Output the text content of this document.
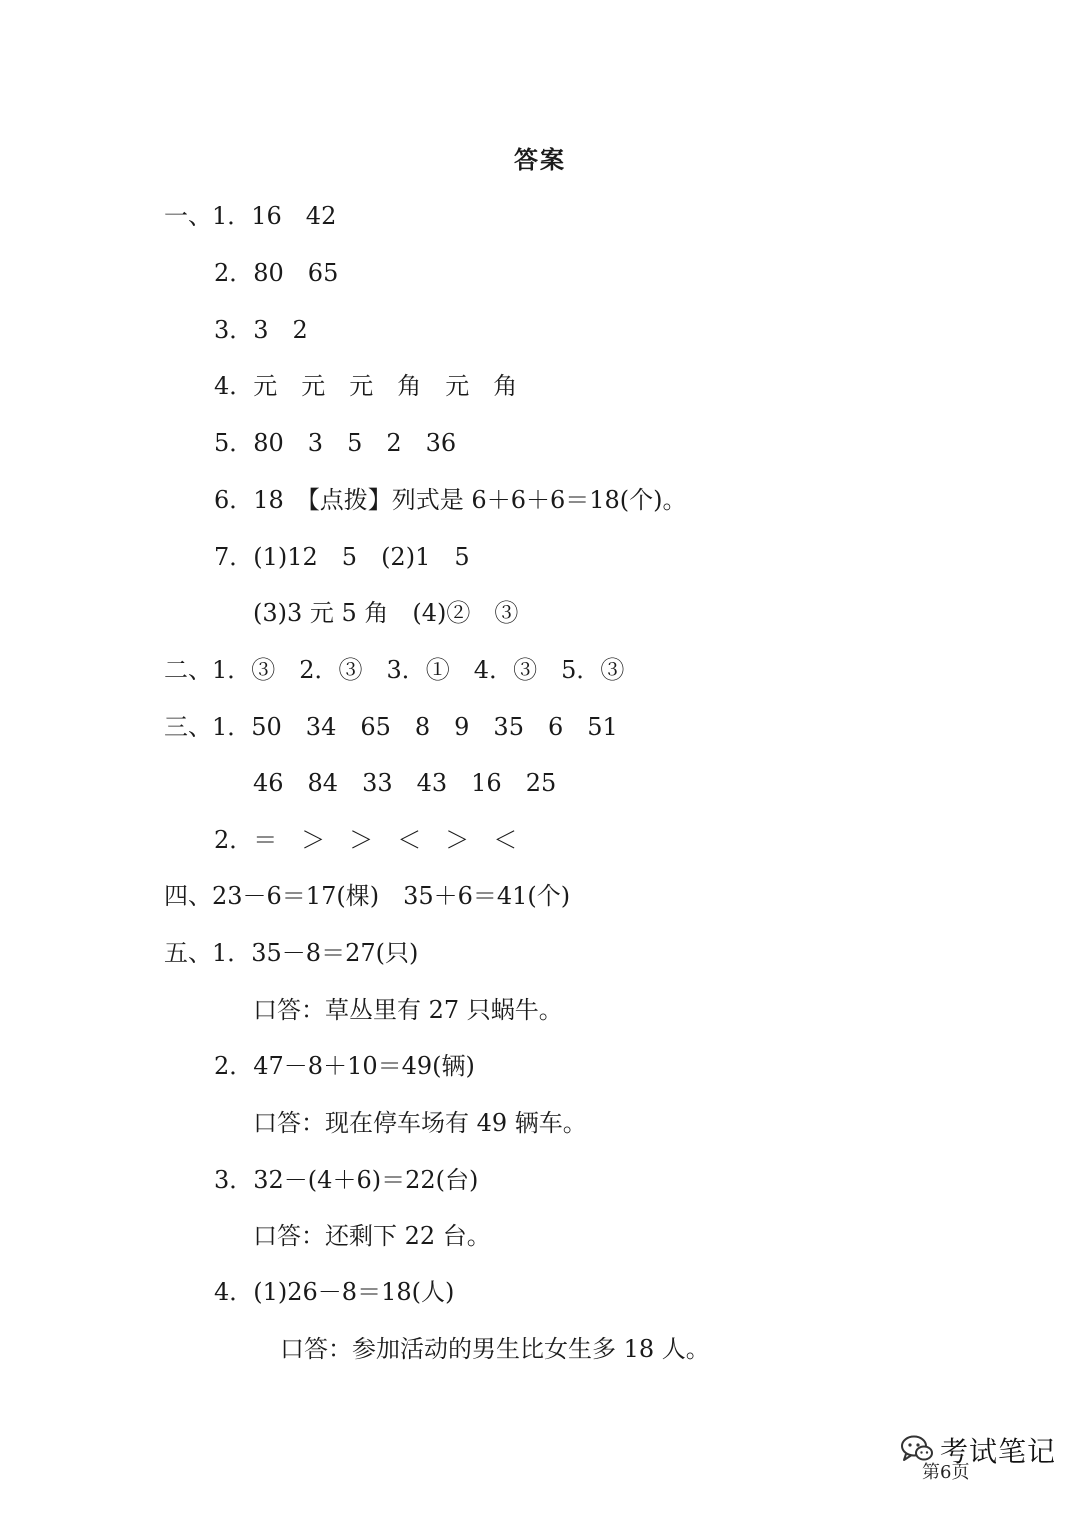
答案
一、1．16　42
2．80　65
3．3　2
4．元　元　元　角　元　角
5．80　3　5　2　36
6．18　【点拨】列式是 6＋6＋6＝18(个)。
7．(1)12　5　(2)1　5
(3)3 元 5 角　(4)②　③
二、1．③　2．③　3．①　4．③　5．③
三、1．50　34　65　8　9　35　6　51
46　84　33　43　16　25
2．＝　＞　＞　＜　＞　＜
四、23－6＝17(棵)　35＋6＝41(个)
五、1．35－8＝27(只)
口答：草丛里有 27 只蜗牛。
2．47－8＋10＝49(辆)
口答：现在停车场有 49 辆车。
3．32－(4＋6)＝22(台)
口答：还剩下 22 台。
4．(1)26－8＝18(人)
口答：参加活动的男生比女生多 18 人。
第6页
考试笔记
